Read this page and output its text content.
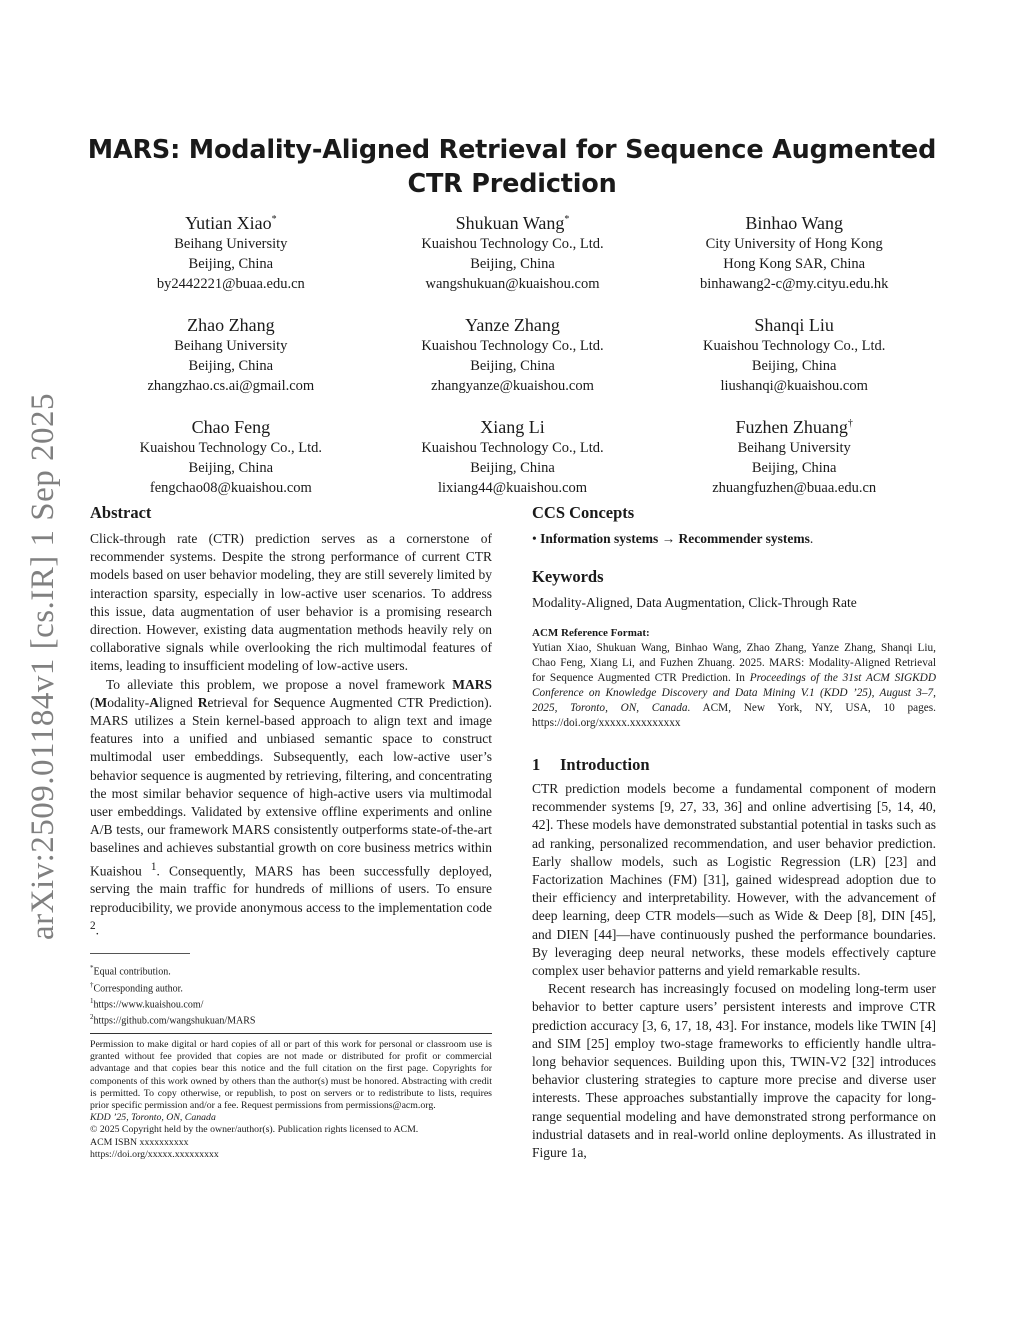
arXiv:2509.01184v1 [cs.IR] 1 Sep 2025
MARS: Modality-Aligned Retrieval for Sequence Augmented CTR Prediction
Yutian Xiao*
Beihang University
Beijing, China
by2442221@buaa.edu.cn
Shukuan Wang*
Kuaishou Technology Co., Ltd.
Beijing, China
wangshukuan@kuaishou.com
Binhao Wang
City University of Hong Kong
Hong Kong SAR, China
binhawang2-c@my.cityu.edu.hk
Zhao Zhang
Beihang University
Beijing, China
zhangzhao.cs.ai@gmail.com
Yanze Zhang
Kuaishou Technology Co., Ltd.
Beijing, China
zhangyanze@kuaishou.com
Shanqi Liu
Kuaishou Technology Co., Ltd.
Beijing, China
liushanqi@kuaishou.com
Chao Feng
Kuaishou Technology Co., Ltd.
Beijing, China
fengchao08@kuaishou.com
Xiang Li
Kuaishou Technology Co., Ltd.
Beijing, China
lixiang44@kuaishou.com
Fuzhen Zhuang†
Beihang University
Beijing, China
zhuangfuzhen@buaa.edu.cn
Abstract

Click-through rate (CTR) prediction serves as a cornerstone of recommender systems. Despite the strong performance of current CTR models based on user behavior modeling, they are still severely limited by interaction sparsity, especially in low-active user scenarios. To address this issue, data augmentation of user behavior is a promising research direction. However, existing data augmentation methods heavily rely on collaborative signals while overlooking the rich multimodal features of items, leading to insufficient modeling of low-active users.

To alleviate this problem, we propose a novel framework MARS (Modality-Aligned Retrieval for Sequence Augmented CTR Prediction). MARS utilizes a Stein kernel-based approach to align text and image features into a unified and unbiased semantic space to construct multimodal user embeddings. Subsequently, each low-active user’s behavior sequence is augmented by retrieving, filtering, and concentrating the most similar behavior sequence of high-active users via multimodal user embeddings. Validated by extensive offline experiments and online A/B tests, our framework MARS consistently outperforms state-of-the-art baselines and achieves substantial growth on core business metrics within Kuaishou $^1$. Consequently, MARS has been successfully deployed, serving the main traffic for hundreds of millions of users. To ensure reproducibility, we provide anonymous access to the implementation code $^2$.

*Equal contribution.

†Corresponding author.

$^1$https://www.kuaishou.com/

$^2$https://github.com/wangshukuan/MARS

Permission to make digital or hard copies of all or part of this work for personal or classroom use is granted without fee provided that copies are not made or distributed for profit or commercial advantage and that copies bear this notice and the full citation on the first page. Copyrights for components of this work owned by others than the author(s) must be honored. Abstracting with credit is permitted. To copy otherwise, or republish, to post on servers or to redistribute to lists, requires prior specific permission and/or a fee. Request permissions from permissions@acm.org.

KDD ’25, Toronto, ON, Canada

© 2025 Copyright held by the owner/author(s). Publication rights licensed to ACM.

ACM ISBN xxxxxxxxxx

https://doi.org/xxxxx.xxxxxxxxx

CCS Concepts

• Information systems → Recommender systems.

Keywords

Modality-Aligned, Data Augmentation, Click-Through Rate

ACM Reference Format:

Yutian Xiao, Shukuan Wang, Binhao Wang, Zhao Zhang, Yanze Zhang, Shanqi Liu, Chao Feng, Xiang Li, and Fuzhen Zhuang. 2025. MARS: Modality-Aligned Retrieval for Sequence Augmented CTR Prediction. In Proceedings of the 31st ACM SIGKDD Conference on Knowledge Discovery and Data Mining V.1 (KDD ’25), August 3–7, 2025, Toronto, ON, Canada. ACM, New York, NY, USA, 10 pages. https://doi.org/xxxxx.xxxxxxxxx

1 Introduction

CTR prediction models become a fundamental component of modern recommender systems [9, 27, 33, 36] and online advertising [5, 14, 40, 42]. These models have demonstrated substantial potential in tasks such as ad ranking, personalized recommendation, and user behavior prediction. Early shallow models, such as Logistic Regression (LR) [23] and Factorization Machines (FM) [31], gained widespread adoption due to their efficiency and interpretability. However, with the advancement of deep learning, deep CTR models—such as Wide & Deep [8], DIN [45], and DIEN [44]—have continuously pushed the performance boundaries. By leveraging deep neural networks, these models effectively capture complex user behavior patterns and yield remarkable results.

Recent research has increasingly focused on modeling long-term user behavior to better capture users’ persistent interests and improve CTR prediction accuracy [3, 6, 17, 18, 43]. For instance, models like TWIN [4] and SIM [25] employ two-stage frameworks to efficiently handle ultra-long behavior sequences. Building upon this, TWIN-V2 [32] introduces behavior clustering strategies to capture more precise and diverse user interests. These approaches substantially improve the capacity for long-range sequential modeling and have demonstrated strong performance on industrial datasets and in real-world online deployments. As illustrated in Figure 1a,
